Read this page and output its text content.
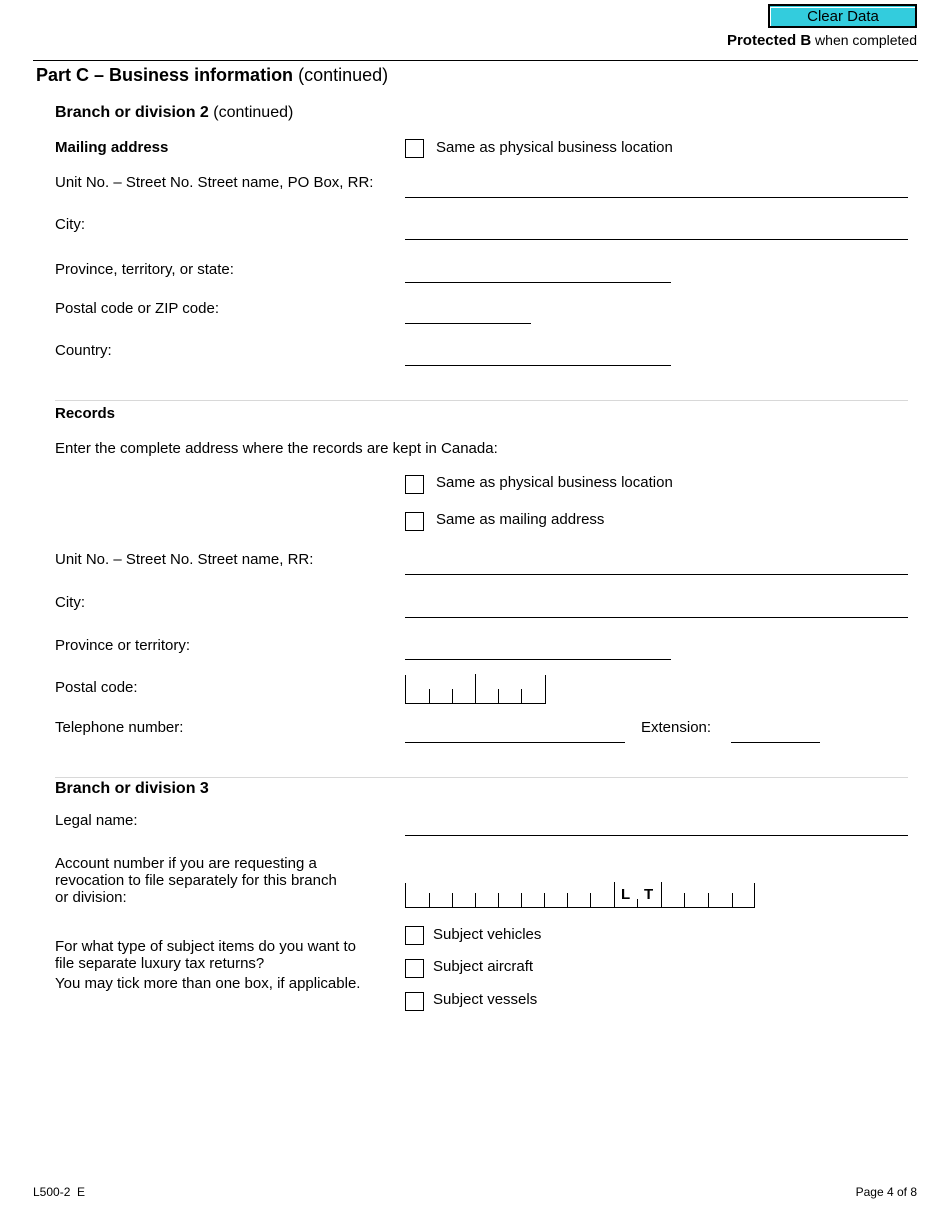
Clear Data
Protected B when completed
Part C – Business information (continued)
Branch or division 2 (continued)
Mailing address	Same as physical business location
Unit No. – Street No. Street name, PO Box, RR:
City:
Province, territory, or state:
Postal code or ZIP code:
Country:
Records
Enter the complete address where the records are kept in Canada:
Same as physical business location
Same as mailing address
Unit No. – Street No. Street name, RR:
City:
Province or territory:
Postal code:
Telephone number:	Extension:
Branch or division 3
Legal name:
Account number if you are requesting a
revocation to file separately for this branch
or division:	L T
For what type of subject items do you want to
file separate luxury tax returns?
You may tick more than one box, if applicable.
Subject vehicles
Subject aircraft
Subject vessels
L500-2  E	Page 4 of 8
